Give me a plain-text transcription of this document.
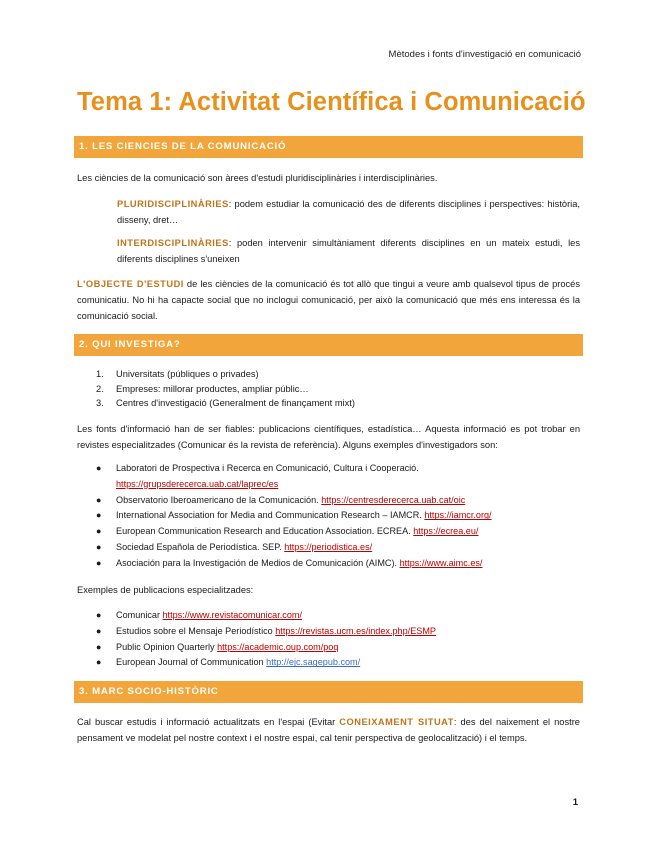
Mètodes i fonts d'investigació en comunicació
Tema 1: Activitat Científica i Comunicació
1. LES CIENCIES DE LA COMUNICACIÓ

Les ciències de la comunicació son àrees d'estudi pluridisciplinàries i interdisciplinàries.

PLURIDISCIPLINÀRIES: podem estudiar la comunicació des de diferents disciplines i perspectives: història, disseny, dret…

INTERDISCIPLINÀRIES: poden intervenir simultàniament diferents disciplines en un mateix estudi, les diferents disciplines s'uneixen

L'OBJECTE D'ESTUDI de les ciències de la comunicació és tot allò que tingui a veure amb qualsevol tipus de procés comunicatiu. No hi ha capacte social que no inclogui comunicació, per això la comunicació que més ens interessa és la comunicació social.

2. QUI INVESTIGA?
1. Universitats (públiques o privades)
2. Empreses: millorar productes, ampliar públic…
3. Centres d'investigació (Generalment de finançament mixt)

Les fonts d'informació han de ser fiables: publicacions científiques, estadística… Aquesta informació es pot trobar en revistes especialitzades (Comunicar és la revista de referència). Alguns exemples d'investigadors son:

● Laboratori de Prospectiva i Recerca en Comunicació, Cultura i Cooperació.
https://grupsderecerca.uab.cat/laprec/es
● Observatorio Iberoamericano de la Comunicación. https://centresderecerca.uab.cat/oic
● International Association for Media and Communication Research – IAMCR. https://iamcr.org/
● European Communication Research and Education Association. ECREA. https://ecrea.eu/
● Sociedad Española de Periodística. SEP. https://periodistica.es/
● Asociación para la Investigación de Medios de Comunicación (AIMC). https://www.aimc.es/

Exemples de publicacions especialitzades:

● Comunicar https://www.revistacomunicar.com/
● Estudios sobre el Mensaje Periodístico https://revistas.ucm.es/index.php/ESMP
● Public Opinion Quarterly https://academic.oup.com/poq
● European Journal of Communication http://ejc.sagepub.com/
3. MARC SOCIO-HISTÒRIC

Cal buscar estudis i informació actualitzats en l'espai (Evitar CONEIXAMENT SITUAT: des del naixement el nostre pensament ve modelat pel nostre context i el nostre espai, cal tenir perspectiva de geolocalització) i el temps.

1
